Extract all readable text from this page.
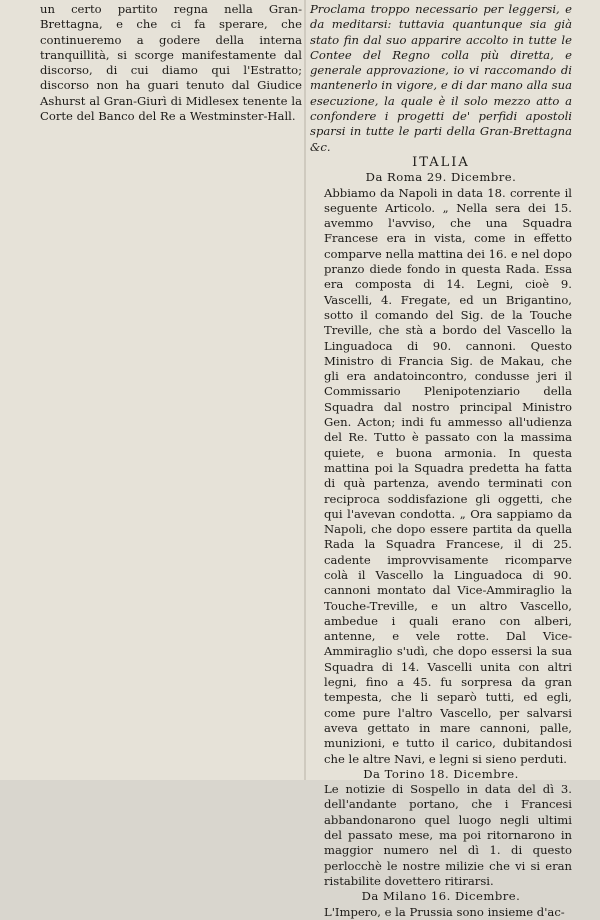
un certo partito regna nella Gran-Brettagna, e che ci fa sperare, che continueremo a godere della interna tranquillità, si scorge manifestamente dal discorso, di cui diamo qui l'Estratto; discorso non ha guari tenuto dal Giudice Ashurst al Gran-Giurì di Midlesex tenente la Corte del Banco del Re a Westminster-Hall.

Proclama troppo necessario per leggersi, e da meditarsi: tuttavia quantunque sia già stato fin dal suo apparire accolto in tutte le Contee del Regno colla più diretta, e generale approvazione, io vi raccomando di mantenerlo in vigore, e di dar mano alla sua esecuzione, la quale è il solo mezzo atto a confondere i progetti de' perfidi apostoli sparsi in tutte le parti della Gran-Brettagna &c.

ITALIA
Da Roma 29. Dicembre.

Abbiamo da Napoli in data 18. corrente il seguente Articolo. „ Nella sera dei 15. avemmo l'avviso, che una Squadra Francese era in vista, come in effetto comparve nella mattina dei 16. e nel dopo pranzo diede fondo in questa Rada. Essa era composta di 14. Legni, cioè 9. Vascelli, 4. Fregate, ed un Brigantino, sotto il comando del Sig. de la Touche Treville, che stà a bordo del Vascello la Linguadoca di 90. cannoni. Questo Ministro di Francia Sig. de Makau, che gli era andatoincontro, condusse jeri il Commissario Plenipotenziario della Squadra dal nostro principal Ministro Gen. Acton; indi fu ammesso all'udienza del Re. Tutto è passato con la massima quiete, e buona armonia. In questa mattina poi la Squadra predetta ha fatta di quà partenza, avendo terminati con reciproca soddisfazione gli oggetti, che qui l'avevan condotta. „ Ora sappiamo da Napoli, che dopo essere partita da quella Rada la Squadra Francese, il di 25. cadente improvvisamente ricomparve colà il Vascello la Linguadoca di 90. cannoni montato dal Vice-Ammiraglio la Touche-Treville, e un altro Vascello, ambedue i quali erano con alberi, antenne, e vele rotte. Dal Vice-Ammiraglio s'udì, che dopo essersi la sua Squadra di 14. Vascelli unita con altri legni, fino a 45. fu sorpresa da gran tempesta, che li separò tutti, ed egli, come pure l'altro Vascello, per salvarsi aveva gettato in mare cannoni, palle, munizioni, e tutto il carico, dubitandosi che le altre Navi, e legni si sieno perduti.

Da Torino 18. Dicembre.

Le notizie di Sospello in data del dì 3. dell'andante portano, che i Francesi abbandonarono quel luogo negli ultimi del passato mese, ma poi ritornarono in maggior numero nel dì 1. di questo perlocchè le nostre milizie che vi si eran ristabilite dovettero ritirarsi.

Da Milano 16. Dicembre.

L'Impero, e la Prussia sono insieme d'ac-
